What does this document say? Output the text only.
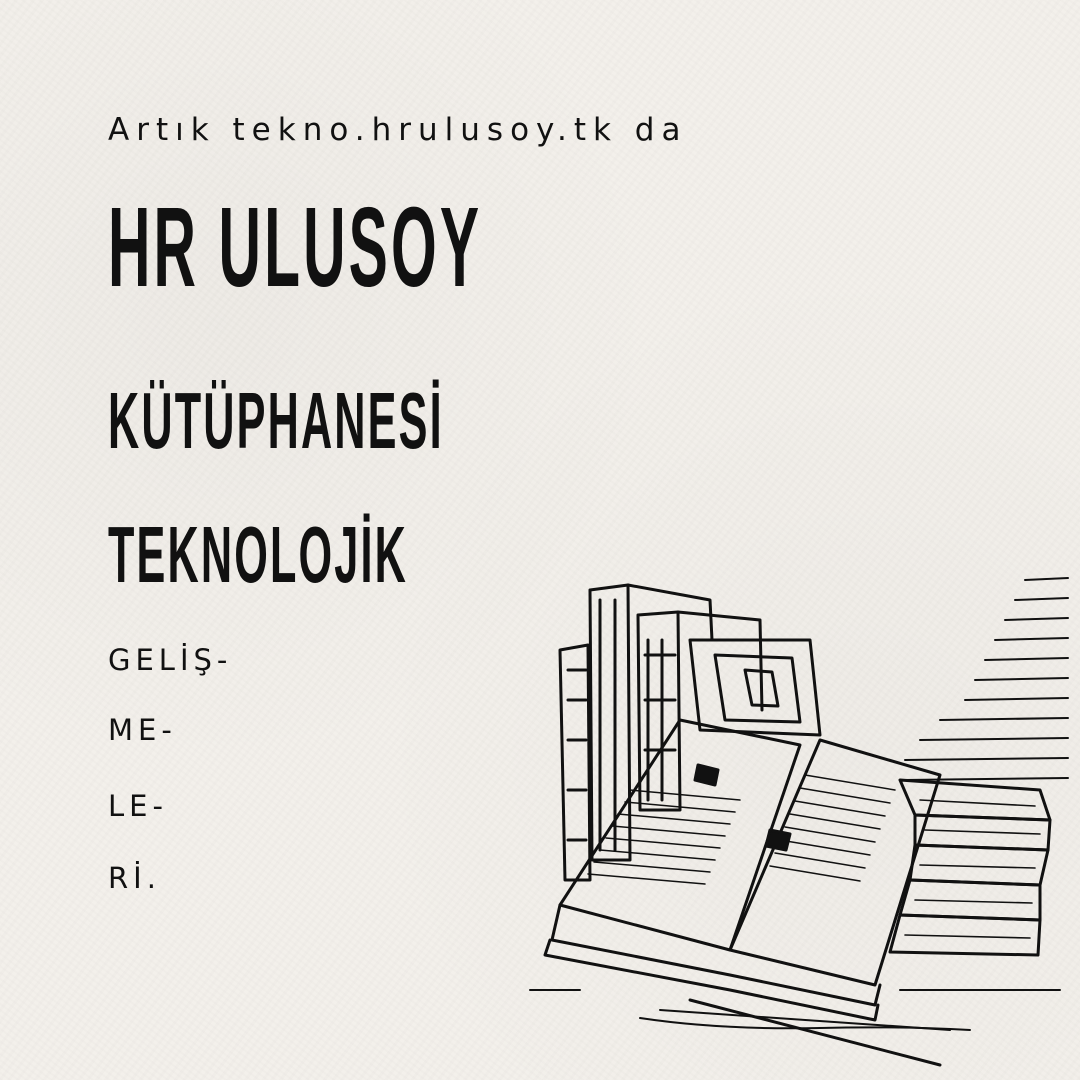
Artık tekno.hrulusoy.tk da
HR ULUSOY
KÜTÜPHANESİ
TEKNOLOJİK
GELİŞ-
ME-
LE-
Rİ.
